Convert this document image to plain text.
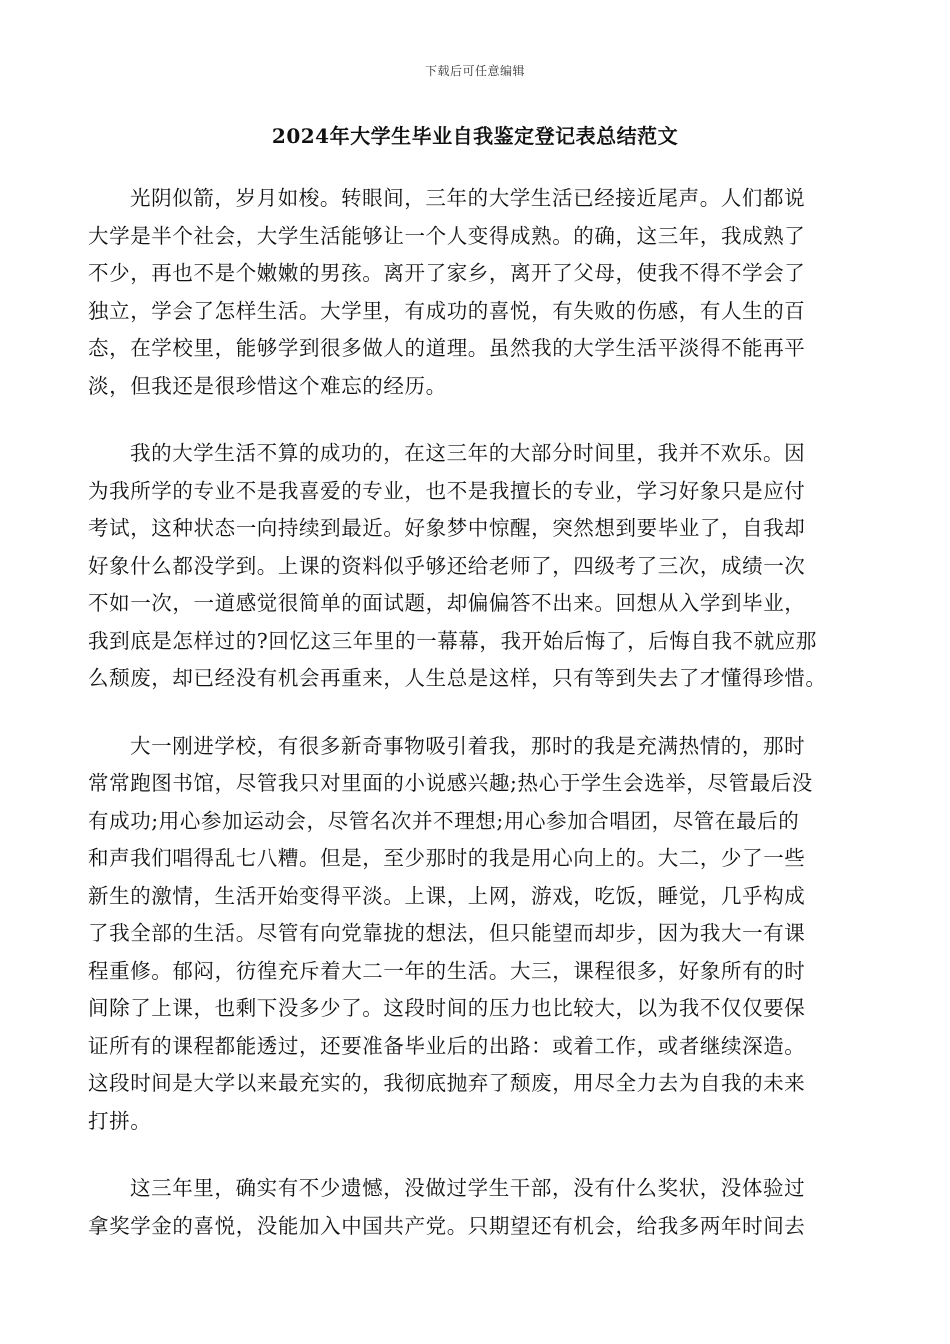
下载后可任意编辑
2024年大学生毕业自我鉴定登记表总结范文
光阴似箭，岁月如梭。转眼间，三年的大学生活已经接近尾声。人们都说
大学是半个社会，大学生活能够让一个人变得成熟。的确，这三年，我成熟了
不少，再也不是个嫩嫩的男孩。离开了家乡，离开了父母，使我不得不学会了
独立，学会了怎样生活。大学里，有成功的喜悦，有失败的伤感，有人生的百
态，在学校里，能够学到很多做人的道理。虽然我的大学生活平淡得不能再平
淡，但我还是很珍惜这个难忘的经历。
我的大学生活不算的成功的，在这三年的大部分时间里，我并不欢乐。因
为我所学的专业不是我喜爱的专业，也不是我擅长的专业，学习好象只是应付
考试，这种状态一向持续到最近。好象梦中惊醒，突然想到要毕业了，自我却
好象什么都没学到。上课的资料似乎够还给老师了，四级考了三次，成绩一次
不如一次，一道感觉很简单的面试题，却偏偏答不出来。回想从入学到毕业，
我到底是怎样过的?回忆这三年里的一幕幕，我开始后悔了，后悔自我不就应那
么颓废，却已经没有机会再重来，人生总是这样，只有等到失去了才懂得珍惜。
大一刚进学校，有很多新奇事物吸引着我，那时的我是充满热情的，那时
常常跑图书馆，尽管我只对里面的小说感兴趣;热心于学生会选举，尽管最后没
有成功;用心参加运动会，尽管名次并不理想;用心参加合唱团，尽管在最后的
和声我们唱得乱七八糟。但是，至少那时的我是用心向上的。大二，少了一些
新生的激情，生活开始变得平淡。上课，上网，游戏，吃饭，睡觉，几乎构成
了我全部的生活。尽管有向党靠拢的想法，但只能望而却步，因为我大一有课
程重修。郁闷，彷徨充斥着大二一年的生活。大三，课程很多，好象所有的时
间除了上课，也剩下没多少了。这段时间的压力也比较大，以为我不仅仅要保
证所有的课程都能透过，还要准备毕业后的出路：或着工作，或者继续深造。
这段时间是大学以来最充实的，我彻底抛弃了颓废，用尽全力去为自我的未来
打拼。
这三年里，确实有不少遗憾，没做过学生干部，没有什么奖状，没体验过
拿奖学金的喜悦，没能加入中国共产党。只期望还有机会，给我多两年时间去
